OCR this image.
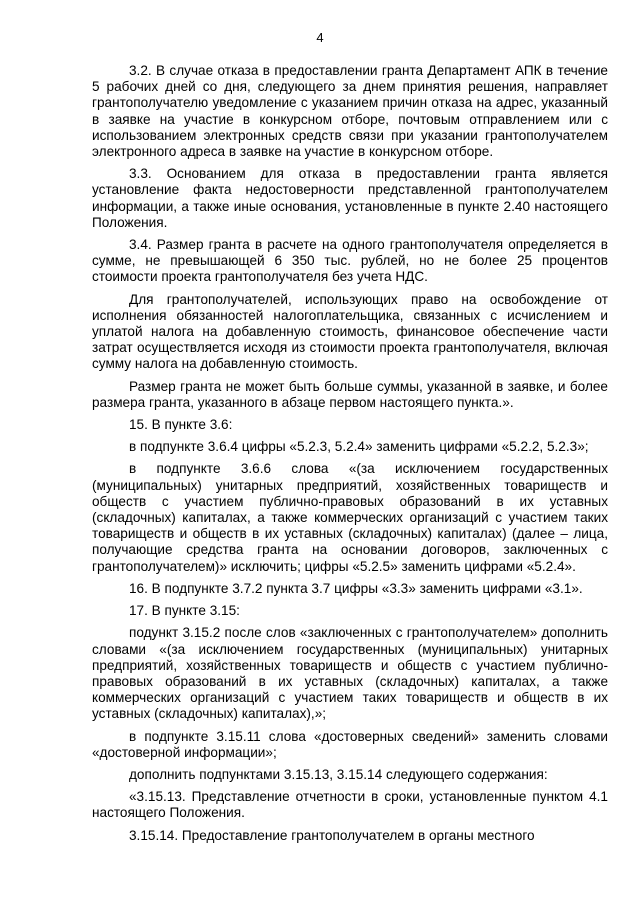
4

3.2. В случае отказа в предоставлении гранта Департамент АПК в течение 5 рабочих дней со дня, следующего за днем принятия решения, направляет грантополучателю уведомление с указанием причин отказа на адрес, указанный в заявке на участие в конкурсном отборе, почтовым отправлением или с использованием электронных средств связи при указании грантополучателем электронного адреса в заявке на участие в конкурсном отборе.

3.3. Основанием для отказа в предоставлении гранта является установление факта недостоверности представленной грантополучателем информации, а также иные основания, установленные в пункте 2.40 настоящего Положения.

3.4. Размер гранта в расчете на одного грантополучателя определяется в сумме, не превышающей 6 350 тыс. рублей, но не более 25 процентов стоимости проекта грантополучателя без учета НДС.

Для грантополучателей, использующих право на освобождение от исполнения обязанностей налогоплательщика, связанных с исчислением и уплатой налога на добавленную стоимость, финансовое обеспечение части затрат осуществляется исходя из стоимости проекта грантополучателя, включая сумму налога на добавленную стоимость.

Размер гранта не может быть больше суммы, указанной в заявке, и более размера гранта, указанного в абзаце первом настоящего пункта.».

15. В пункте 3.6:

в подпункте 3.6.4 цифры «5.2.3, 5.2.4» заменить цифрами «5.2.2, 5.2.3»;

в подпункте 3.6.6 слова «(за исключением государственных (муниципальных) унитарных предприятий, хозяйственных товариществ и обществ с участием публично-правовых образований в их уставных (складочных) капиталах, а также коммерческих организаций с участием таких товариществ и обществ в их уставных (складочных) капиталах) (далее – лица, получающие средства гранта на основании договоров, заключенных с грантополучателем)» исключить; цифры «5.2.5» заменить цифрами «5.2.4».

16. В подпункте 3.7.2 пункта 3.7 цифры «3.3» заменить цифрами «3.1».

17. В пункте 3.15:

подункт 3.15.2 после слов «заключенных с грантополучателем» дополнить словами «(за исключением государственных (муниципальных) унитарных предприятий, хозяйственных товариществ и обществ с участием публично-правовых образований в их уставных (складочных) капиталах, а также коммерческих организаций с участием таких товариществ и обществ в их уставных (складочных) капиталах),»;

в подпункте 3.15.11 слова «достоверных сведений» заменить словами «достоверной информации»;

дополнить подпунктами 3.15.13, 3.15.14 следующего содержания:

«3.15.13. Представление отчетности в сроки, установленные пунктом 4.1 настоящего Положения.

3.15.14. Предоставление грантополучателем в органы местного
